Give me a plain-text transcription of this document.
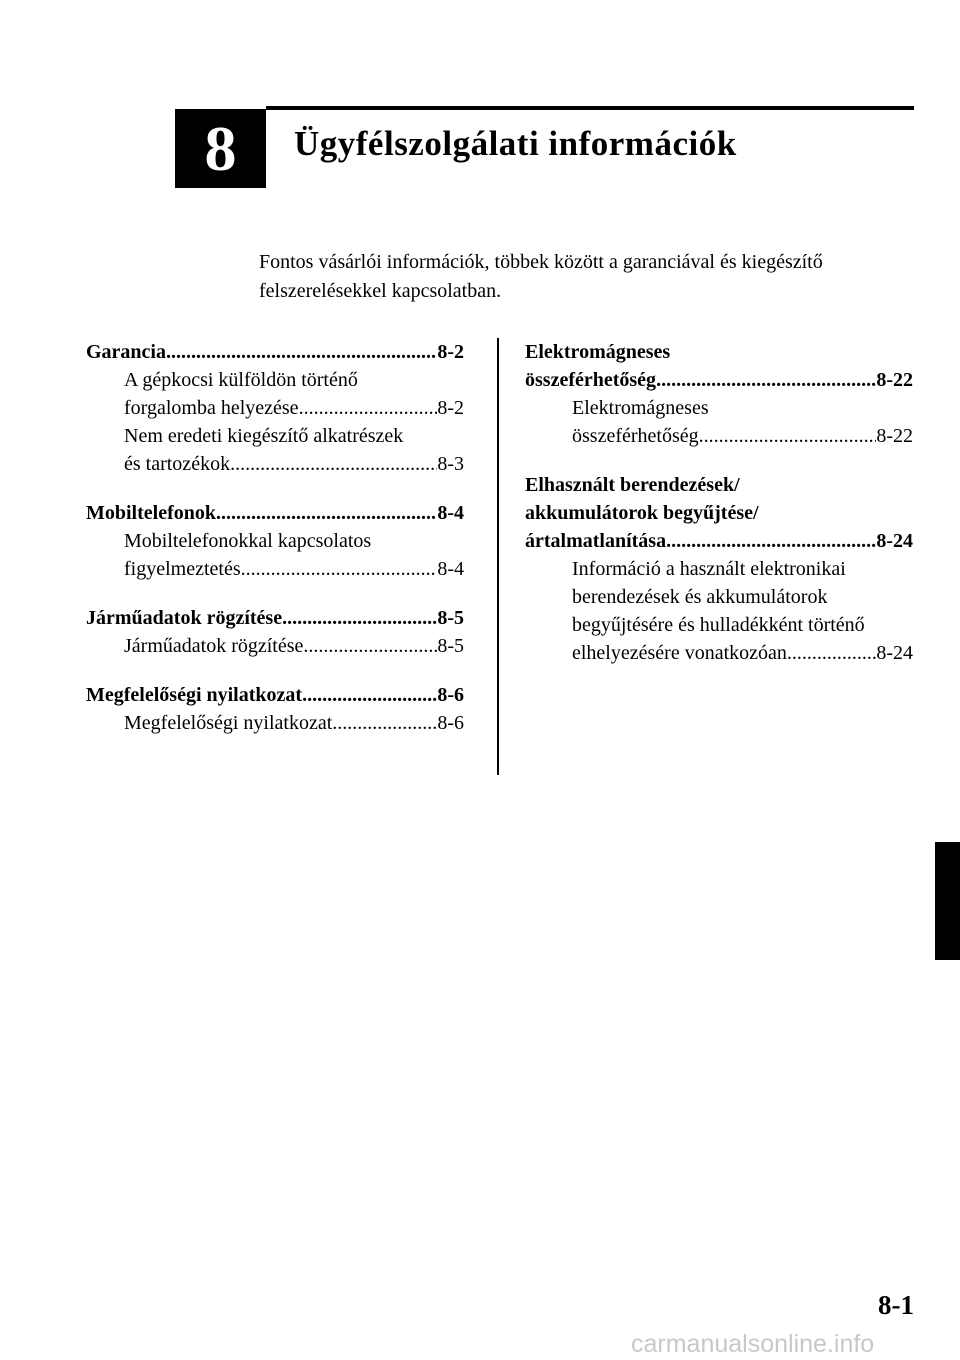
8 Ügyfélszolgálati információk

Fontos vásárlói információk, többek között a garanciával és kiegészítő felszerelésekkel kapcsolatban.

Garancia .....	8-2
A gépkocsi külföldön történő
forgalomba helyezése .....	8-2
Nem eredeti kiegészítő alkatrészek
és tartozékok .....	8-3
Mobiltelefonok .....	8-4
Mobiltelefonokkal kapcsolatos
figyelmeztetés .....	8-4
Járműadatok rögzítése .....	8-5
Járműadatok rögzítése .....	8-5
Megfelelőségi nyilatkozat .....	8-6
Megfelelőségi nyilatkozat .....	8-6
Elektromágneses
összeférhetőség .....	8-22
Elektromágneses
összeférhetőség .....	8-22
Elhasznált berendezések/
akkumulátorok begyűjtése/
ártalmatlanítása .....	8-24
Információ a használt elektronikai
berendezések és akkumulátorok
begyűjtésére és hulladékként történő
elhelyezésére vonatkozóan .....	8-24
8-1
carmanualsonline.info
